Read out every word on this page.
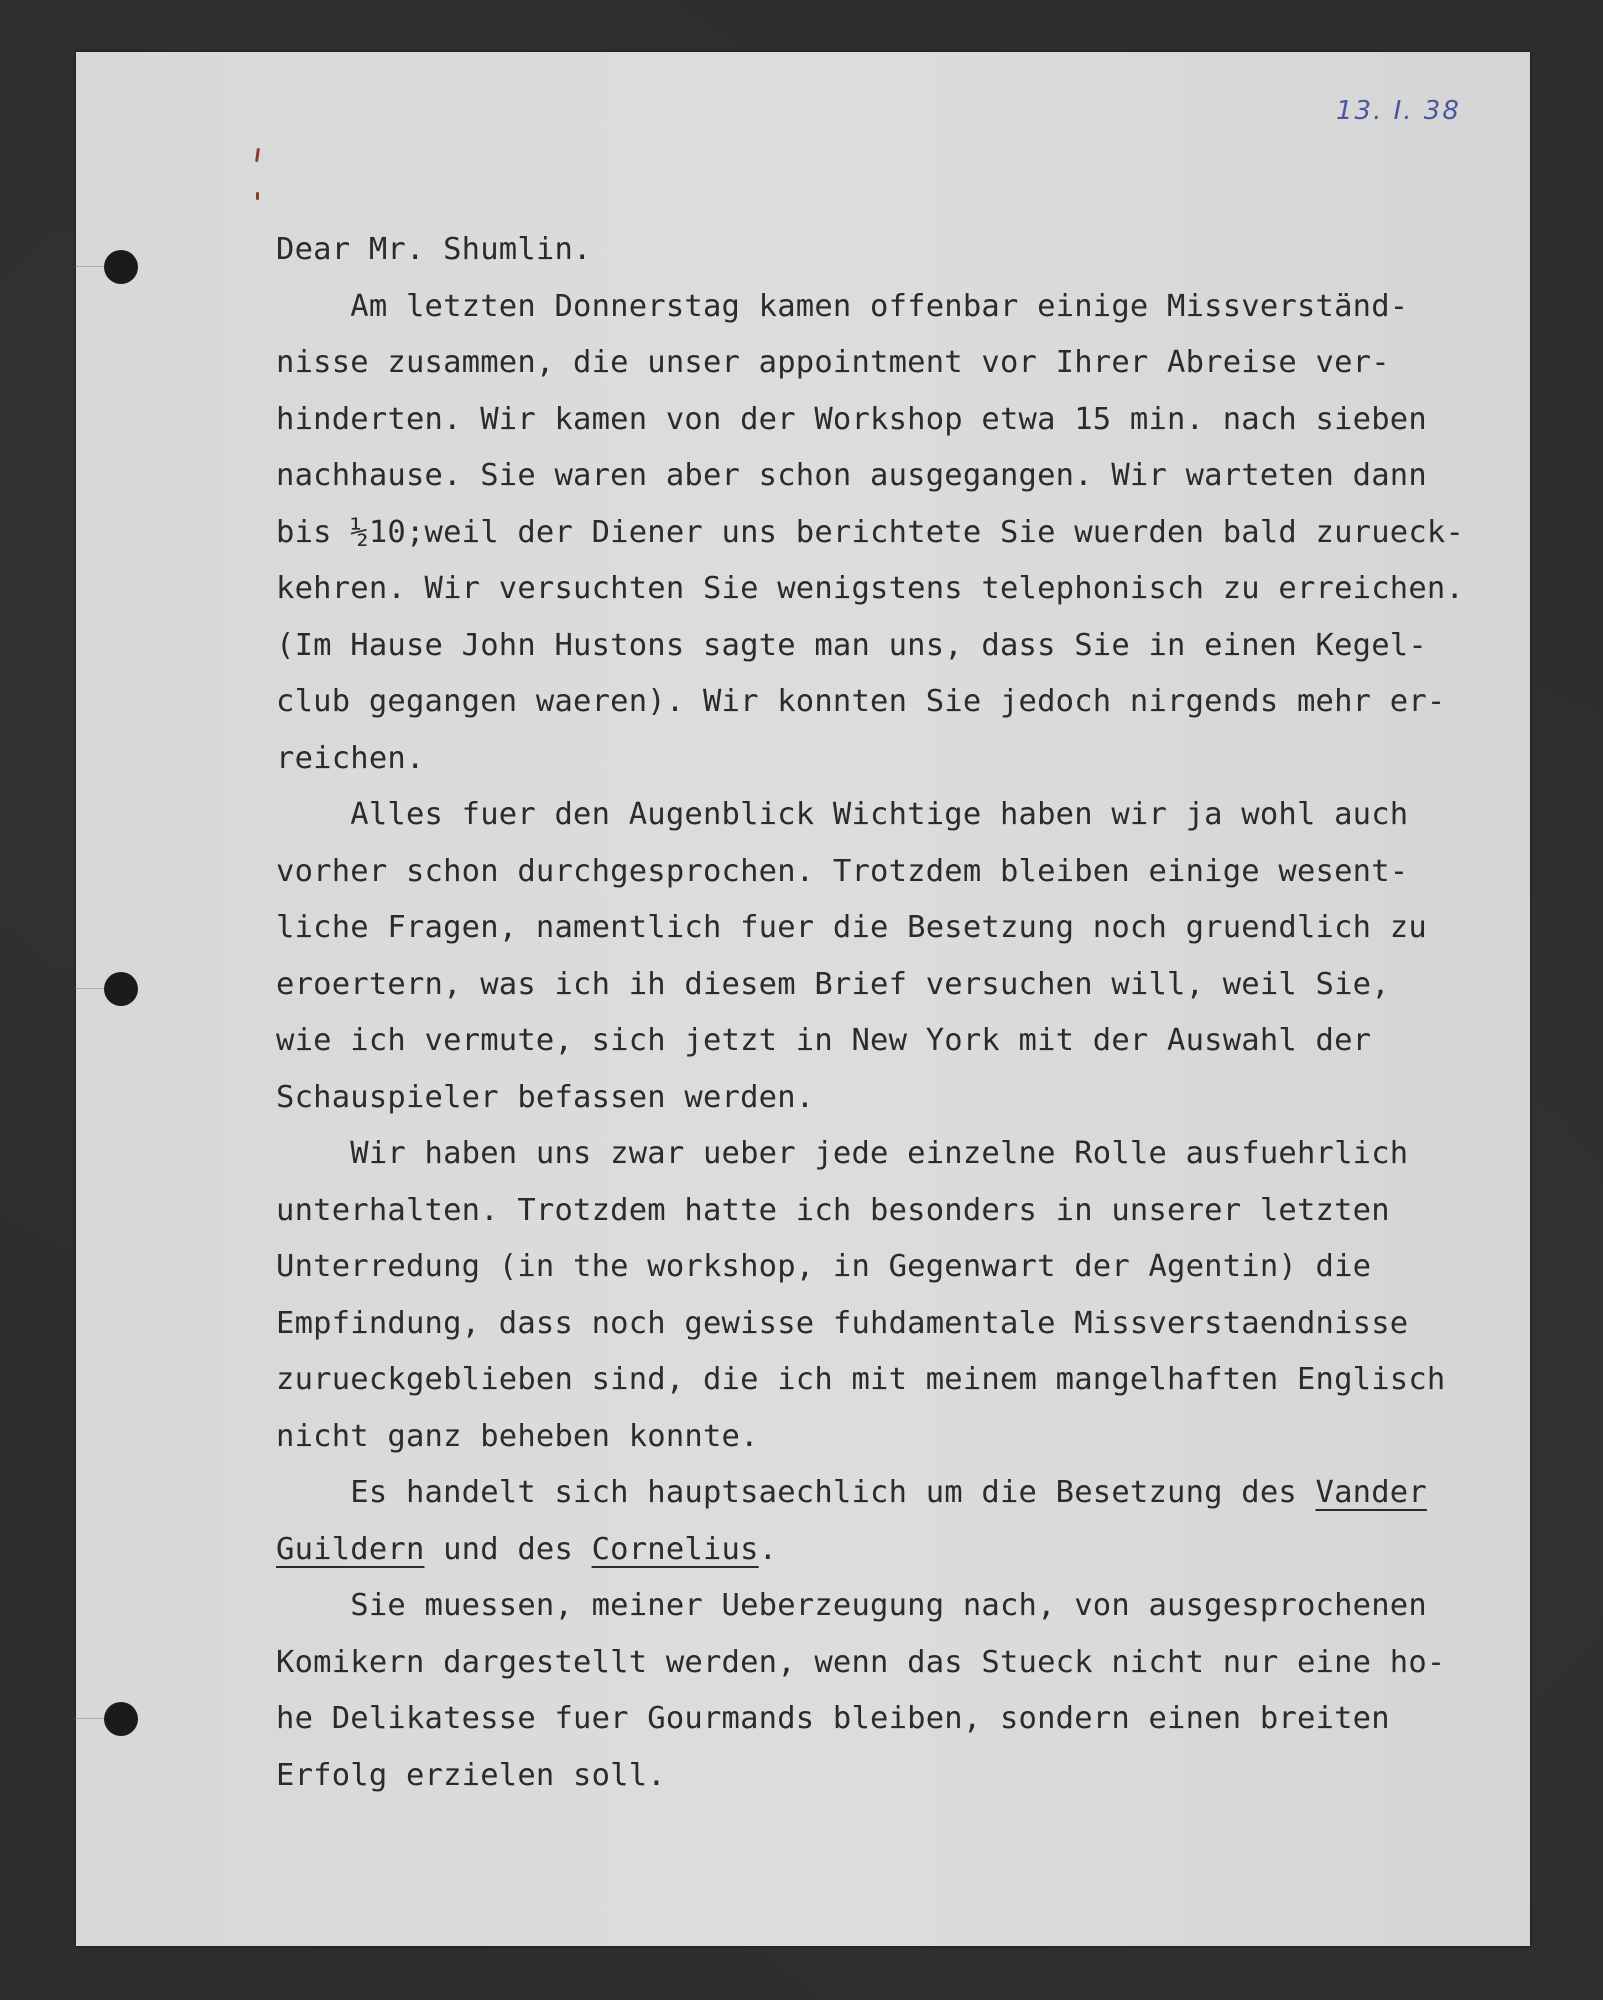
13. I. 38
Dear Mr. Shumlin.
Am letzten Donnerstag kamen offenbar einige Missverständ-
nisse zusammen, die unser appointment vor Ihrer Abreise ver-
hinderten. Wir kamen von der Workshop etwa 15 min. nach sieben
nachhause. Sie waren aber schon ausgegangen. Wir warteten dann
bis ½10;weil der Diener uns berichtete Sie wuerden bald zurueck-
kehren. Wir versuchten Sie wenigstens telephonisch zu erreichen.
(Im Hause John Hustons sagte man uns, dass Sie in einen Kegel-
club gegangen waeren). Wir konnten Sie jedoch nirgends mehr er-
reichen.
Alles fuer den Augenblick Wichtige haben wir ja wohl auch
vorher schon durchgesprochen. Trotzdem bleiben einige wesent-
liche Fragen, namentlich fuer die Besetzung noch gruendlich zu
eroertern, was ich ih diesem Brief versuchen will, weil Sie,
wie ich vermute, sich jetzt in New York mit der Auswahl der
Schauspieler befassen werden.
Wir haben uns zwar ueber jede einzelne Rolle ausfuehrlich
unterhalten. Trotzdem hatte ich besonders in unserer letzten
Unterredung (in the workshop, in Gegenwart der Agentin) die
Empfindung, dass noch gewisse fuhdamentale Missverstaendnisse
zurueckgeblieben sind, die ich mit meinem mangelhaften Englisch
nicht ganz beheben konnte.
Es handelt sich hauptsaechlich um die Besetzung des Vander
Guildern und des Cornelius.
Sie muessen, meiner Ueberzeugung nach, von ausgesprochenen
Komikern dargestellt werden, wenn das Stueck nicht nur eine ho-
he Delikatesse fuer Gourmands bleiben, sondern einen breiten
Erfolg erzielen soll.
